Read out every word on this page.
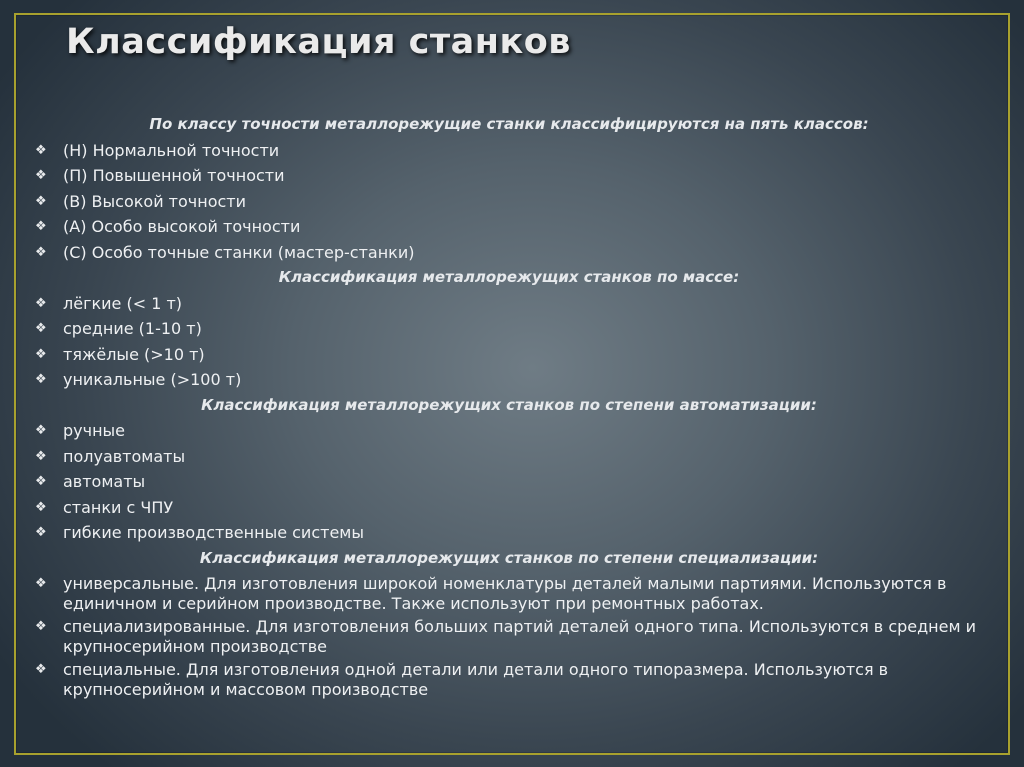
Классификация станков
По классу точности металлорежущие станки классифицируются на пять классов:
❖ (Н) Нормальной точности
❖ (П) Повышенной точности
❖ (В) Высокой точности
❖ (А) Особо высокой точности
❖ (С) Особо точные станки (мастер-станки)
Классификация металлорежущих станков по массе:
❖ лёгкие (< 1 т)
❖ средние (1-10 т)
❖ тяжёлые (>10 т)
❖ уникальные (>100 т)
Классификация металлорежущих станков по степени автоматизации:
❖ ручные
❖ полуавтоматы
❖ автоматы
❖ станки с ЧПУ
❖ гибкие производственные системы
Классификация металлорежущих станков по степени специализации:
❖ универсальные. Для изготовления широкой номенклатуры деталей малыми партиями. Используются в единичном и серийном производстве. Также используют при ремонтных работах.
❖ специализированные. Для изготовления больших партий деталей одного типа. Используются в среднем и крупносерийном производстве
❖ специальные. Для изготовления одной детали или детали одного типоразмера. Используются в крупносерийном и массовом производстве
